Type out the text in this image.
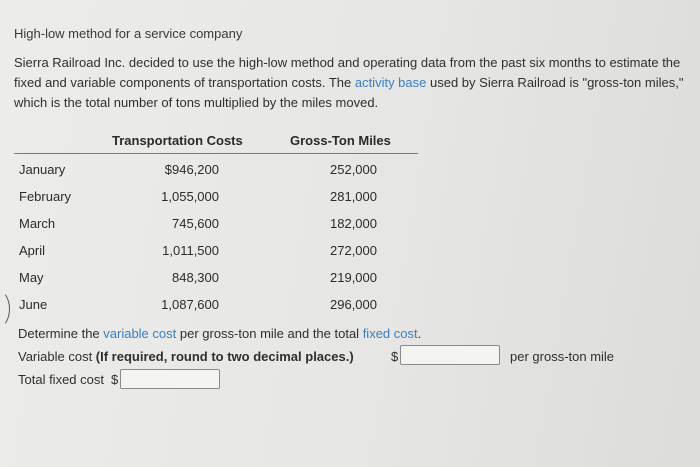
High-low method for a service company
Sierra Railroad Inc. decided to use the high-low method and operating data from the past six months to estimate the fixed and variable components of transportation costs. The activity base used by Sierra Railroad is "gross-ton miles," which is the total number of tons multiplied by the miles moved.
Transportation Costs	Gross-Ton Miles
January	$946,200	252,000
February	1,055,000	281,000
March	745,600	182,000
April	1,011,500	272,000
May	848,300	219,000
June	1,087,600	296,000
Determine the variable cost per gross-ton mile and the total fixed cost.
Variable cost (If required, round to two decimal places.)	$	per gross-ton mile
Total fixed cost $
